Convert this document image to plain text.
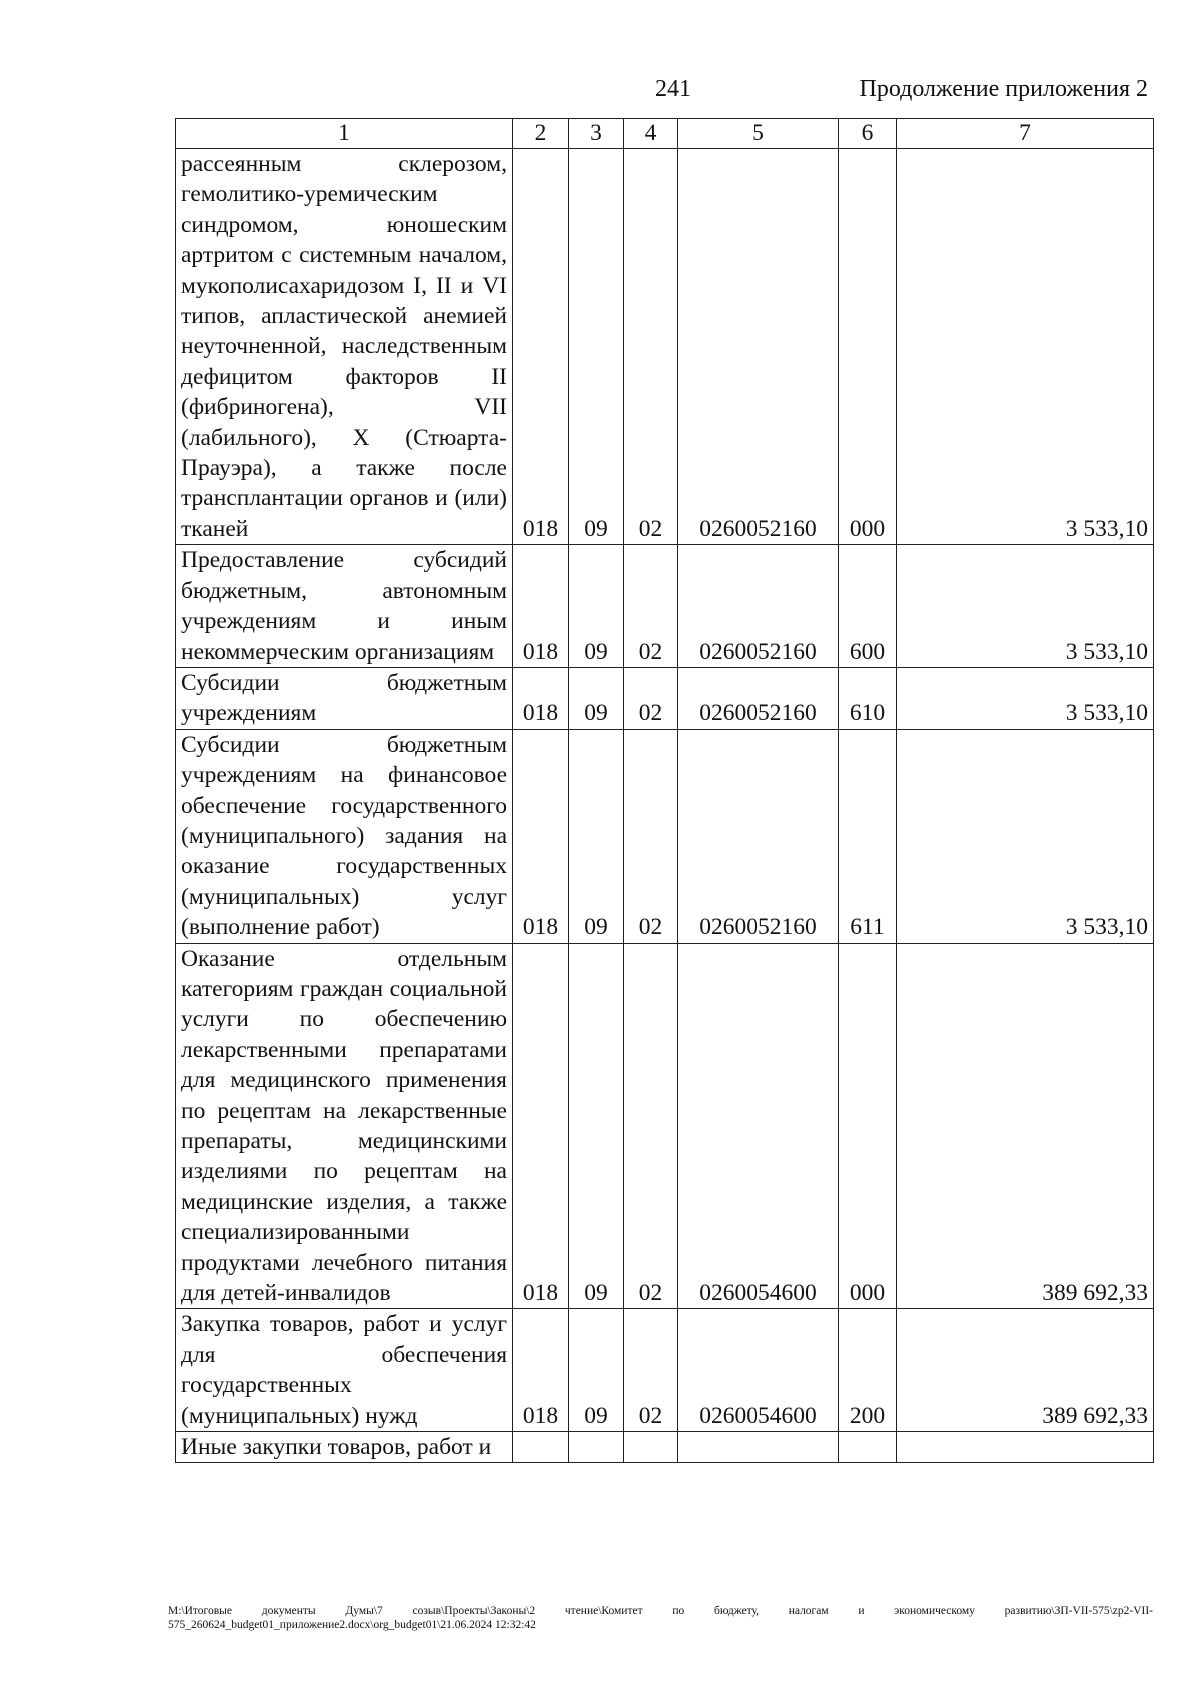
241	Продолжение приложения 2
1	2	3	4	5	6	7
рассеянным склерозом, гемолитико-уремическим синдромом, юношеским артритом с системным началом, мукополисахаридозом I, II и VI типов, апластической анемией неуточненной, наследственным дефицитом факторов II (фибриногена), VII (лабильного), X (Стюарта-Прауэра), а также после трансплантации органов и (или) тканей	018	09	02	0260052160	000	3 533,10
Предоставление субсидий бюджетным, автономным учреждениям и иным некоммерческим организациям	018	09	02	0260052160	600	3 533,10
Субсидии бюджетным учреждениям	018	09	02	0260052160	610	3 533,10
Субсидии бюджетным учреждениям на финансовое обеспечение государственного (муниципального) задания на оказание государственных (муниципальных) услуг (выполнение работ)	018	09	02	0260052160	611	3 533,10
Оказание отдельным категориям граждан социальной услуги по обеспечению лекарственными препаратами для медицинского применения по рецептам на лекарственные препараты, медицинскими изделиями по рецептам на медицинские изделия, а также специализированными продуктами лечебного питания для детей-инвалидов	018	09	02	0260054600	000	389 692,33
Закупка товаров, работ и услуг для обеспечения государственных (муниципальных) нужд	018	09	02	0260054600	200	389 692,33
Иные закупки товаров, работ и						
M:\Итоговые документы Думы\7 созыв\Проекты\Законы\2 чтение\Комитет по бюджету, налогам и экономическому развитию\ЗП-VII-575\zp2-VII-575_260624_budget01_приложение2.docx\org_budget01\21.06.2024 12:32:42
